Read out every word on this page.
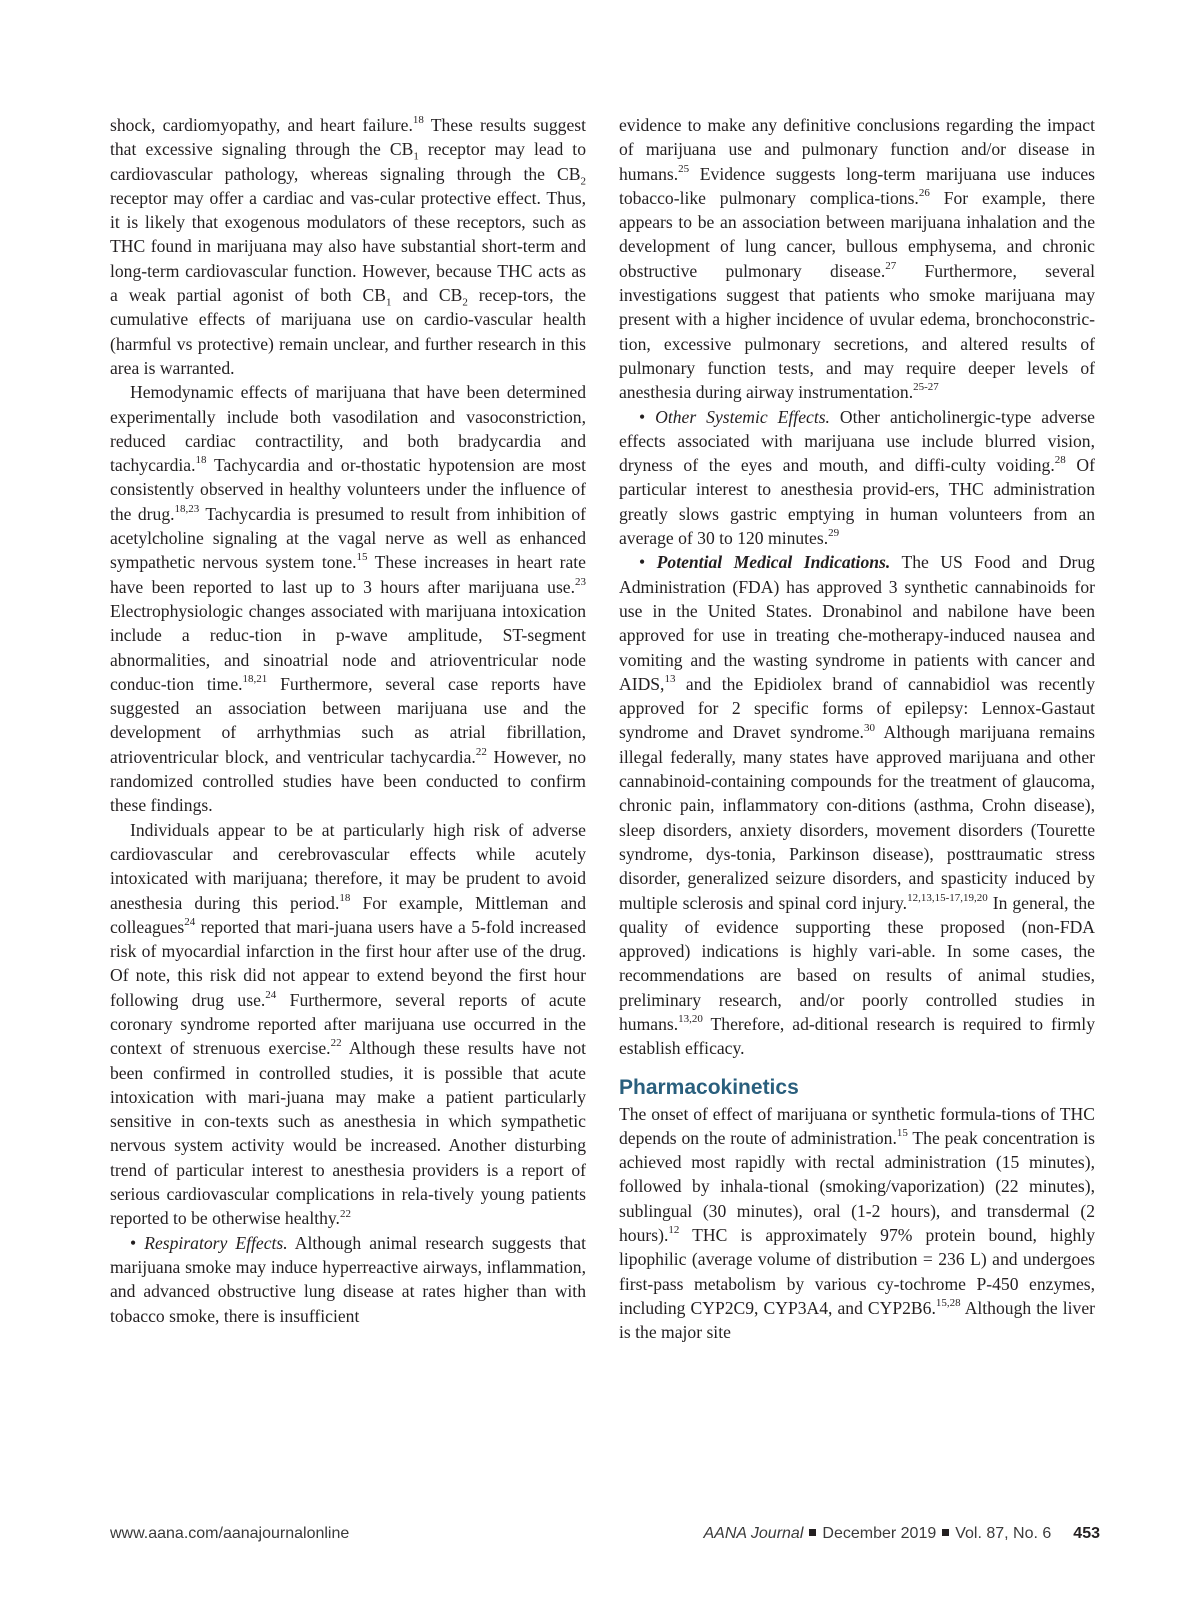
shock, cardiomyopathy, and heart failure.$^{18}$ These results suggest that excessive signaling through the $CB_1$ receptor may lead to cardiovascular pathology, whereas signaling through the $CB_2$ receptor may offer a cardiac and vas-cular protective effect. Thus, it is likely that exogenous modulators of these receptors, such as THC found in marijuana may also have substantial short-term and long-term cardiovascular function. However, because THC acts as a weak partial agonist of both $CB_1$ and $CB_2$ recep-tors, the cumulative effects of marijuana use on cardio-vascular health (harmful vs protective) remain unclear, and further research in this area is warranted.

Hemodynamic effects of marijuana that have been determined experimentally include both vasodilation and vasoconstriction, reduced cardiac contractility, and both bradycardia and tachycardia.$^{18}$ Tachycardia and or-thostatic hypotension are most consistently observed in healthy volunteers under the influence of the drug.$^{18,23}$ Tachycardia is presumed to result from inhibition of acetylcholine signaling at the vagal nerve as well as enhanced sympathetic nervous system tone.$^{15}$ These increases in heart rate have been reported to last up to 3 hours after marijuana use.$^{23}$ Electrophysiologic changes associated with marijuana intoxication include a reduc-tion in p-wave amplitude, ST-segment abnormalities, and sinoatrial node and atrioventricular node conduc-tion time.$^{18,21}$ Furthermore, several case reports have suggested an association between marijuana use and the development of arrhythmias such as atrial fibrillation, atrioventricular block, and ventricular tachycardia.$^{22}$ However, no randomized controlled studies have been conducted to confirm these findings.

Individuals appear to be at particularly high risk of adverse cardiovascular and cerebrovascular effects while acutely intoxicated with marijuana; therefore, it may be prudent to avoid anesthesia during this period.$^{18}$ For example, Mittleman and colleagues$^{24}$ reported that mari-juana users have a 5-fold increased risk of myocardial infarction in the first hour after use of the drug. Of note, this risk did not appear to extend beyond the first hour following drug use.$^{24}$ Furthermore, several reports of acute coronary syndrome reported after marijuana use occurred in the context of strenuous exercise.$^{22}$ Although these results have not been confirmed in controlled studies, it is possible that acute intoxication with mari-juana may make a patient particularly sensitive in con-texts such as anesthesia in which sympathetic nervous system activity would be increased. Another disturbing trend of particular interest to anesthesia providers is a report of serious cardiovascular complications in rela-tively young patients reported to be otherwise healthy.$^{22}$

• Respiratory Effects. Although animal research suggests that marijuana smoke may induce hyperreactive airways, inflammation, and advanced obstructive lung disease at rates higher than with tobacco smoke, there is insufficient

evidence to make any definitive conclusions regarding the impact of marijuana use and pulmonary function and/or disease in humans.$^{25}$ Evidence suggests long-term marijuana use induces tobacco-like pulmonary complica-tions.$^{26}$ For example, there appears to be an association between marijuana inhalation and the development of lung cancer, bullous emphysema, and chronic obstructive pulmonary disease.$^{27}$ Furthermore, several investigations suggest that patients who smoke marijuana may present with a higher incidence of uvular edema, bronchoconstric-tion, excessive pulmonary secretions, and altered results of pulmonary function tests, and may require deeper levels of anesthesia during airway instrumentation.$^{25-27}$

• Other Systemic Effects. Other anticholinergic-type adverse effects associated with marijuana use include blurred vision, dryness of the eyes and mouth, and diffi-culty voiding.$^{28}$ Of particular interest to anesthesia provid-ers, THC administration greatly slows gastric emptying in human volunteers from an average of 30 to 120 minutes.$^{29}$

• Potential Medical Indications. The US Food and Drug Administration (FDA) has approved 3 synthetic cannabinoids for use in the United States. Dronabinol and nabilone have been approved for use in treating che-motherapy-induced nausea and vomiting and the wasting syndrome in patients with cancer and AIDS,$^{13}$ and the Epidiolex brand of cannabidiol was recently approved for 2 specific forms of epilepsy: Lennox-Gastaut syndrome and Dravet syndrome.$^{30}$ Although marijuana remains illegal federally, many states have approved marijuana and other cannabinoid-containing compounds for the treatment of glaucoma, chronic pain, inflammatory con-ditions (asthma, Crohn disease), sleep disorders, anxiety disorders, movement disorders (Tourette syndrome, dys-tonia, Parkinson disease), posttraumatic stress disorder, generalized seizure disorders, and spasticity induced by multiple sclerosis and spinal cord injury.$^{12,13,15-17,19,20}$ In general, the quality of evidence supporting these proposed (non-FDA approved) indications is highly vari-able. In some cases, the recommendations are based on results of animal studies, preliminary research, and/or poorly controlled studies in humans.$^{13,20}$ Therefore, ad-ditional research is required to firmly establish efficacy.

Pharmacokinetics

The onset of effect of marijuana or synthetic formula-tions of THC depends on the route of administration.$^{15}$ The peak concentration is achieved most rapidly with rectal administration (15 minutes), followed by inhala-tional (smoking/vaporization) (22 minutes), sublingual (30 minutes), oral (1-2 hours), and transdermal (2 hours).$^{12}$ THC is approximately 97% protein bound, highly lipophilic (average volume of distribution = 236 L) and undergoes first-pass metabolism by various cy-tochrome P-450 enzymes, including CYP2C9, CYP3A4, and CYP2B6.$^{15,28}$ Although the liver is the major site

www.aana.com/aanajournalonline	AANA Journal December 2019 Vol. 87, No. 6 453
